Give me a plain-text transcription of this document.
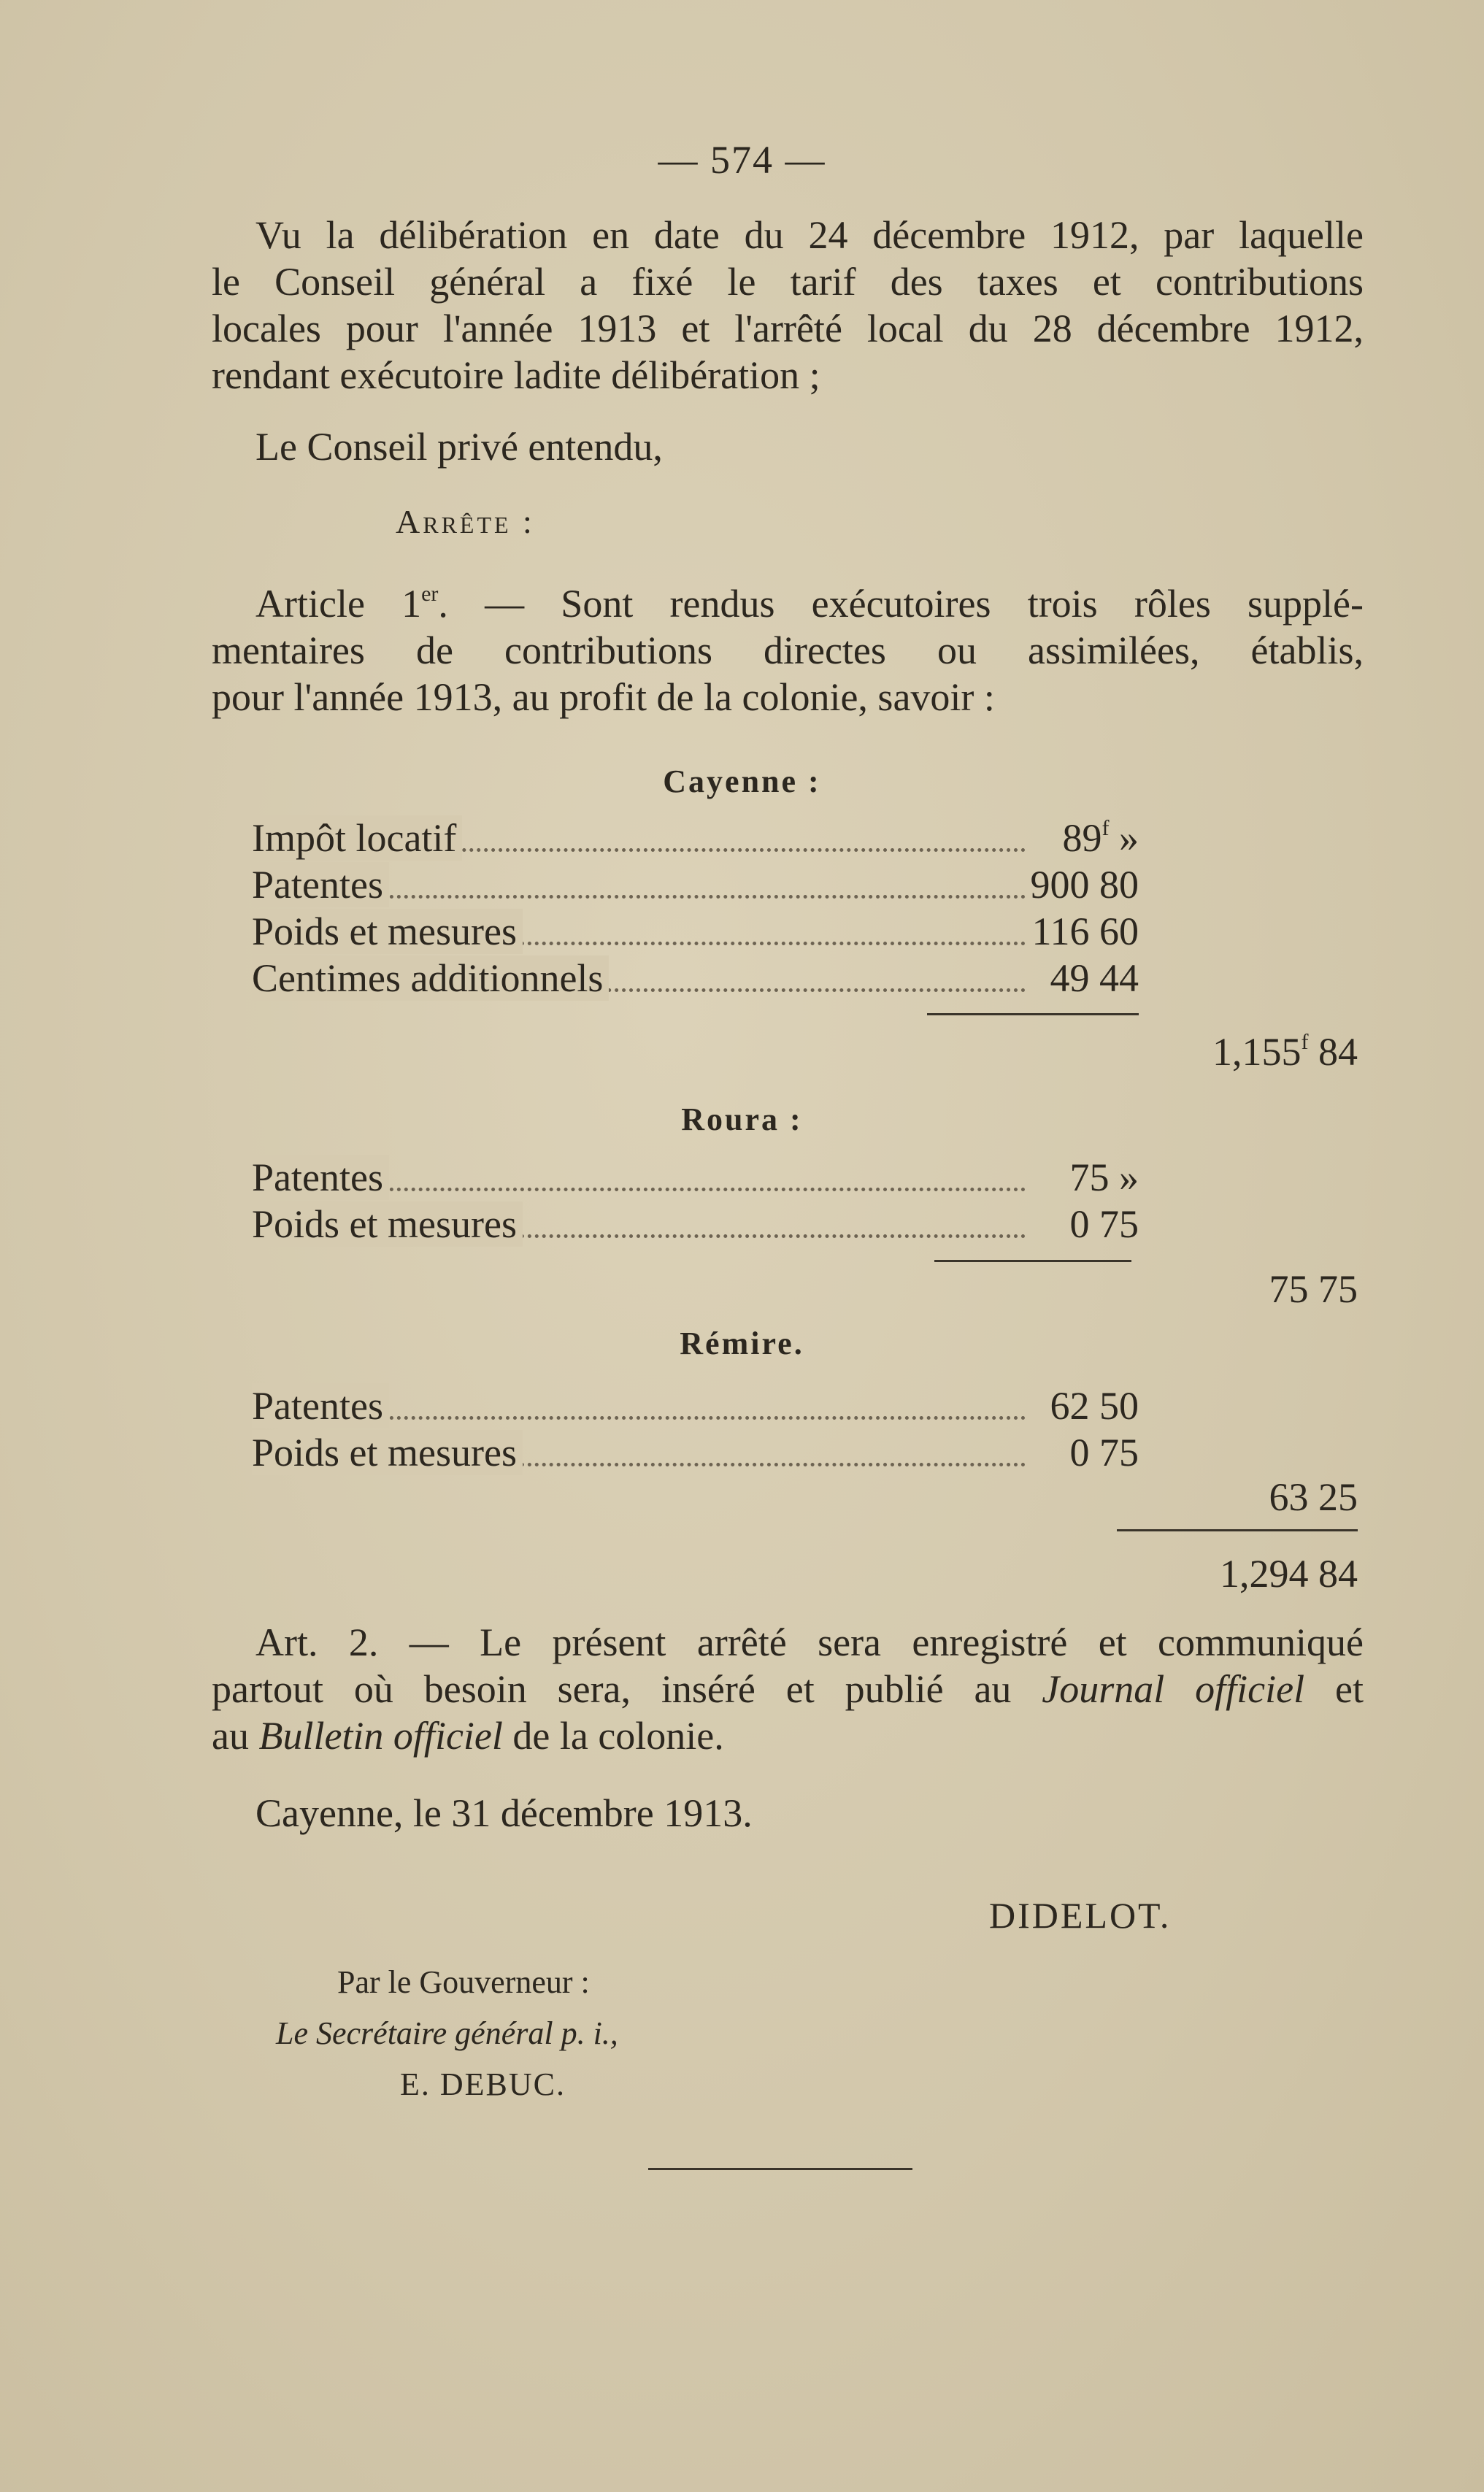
— 574 —
Vu la délibération en date du 24 décembre 1912, par laquelle
le Conseil général a fixé le tarif des taxes et contributions
locales pour l'année 1913 et l'arrêté local du 28 décembre 1912,
rendant exécutoire ladite délibération ;
Le Conseil privé entendu,
Arrête :
Article 1er. — Sont rendus exécutoires trois rôles supplé-
mentaires de contributions directes ou assimilées, établis,
pour l'année 1913, au profit de la colonie, savoir :
Cayenne :
Impôt locatif	89$^f$ »
Patentes	900 80
Poids et mesures	116 60
Centimes additionnels	49 44
1,155$^f$ 84
Roura :
Patentes	75 »
Poids et mesures	0 75
75 75
Rémire.
Patentes	62 50
Poids et mesures	0 75
63 25
1,294 84
Art. 2. — Le présent arrêté sera enregistré et communiqué
partout où besoin sera, inséré et publié au Journal officiel et
au Bulletin officiel de la colonie.
Cayenne, le 31 décembre 1913.
DIDELOT.
Par le Gouverneur :
Le Secrétaire général p. i.,
E. DEBUC.
